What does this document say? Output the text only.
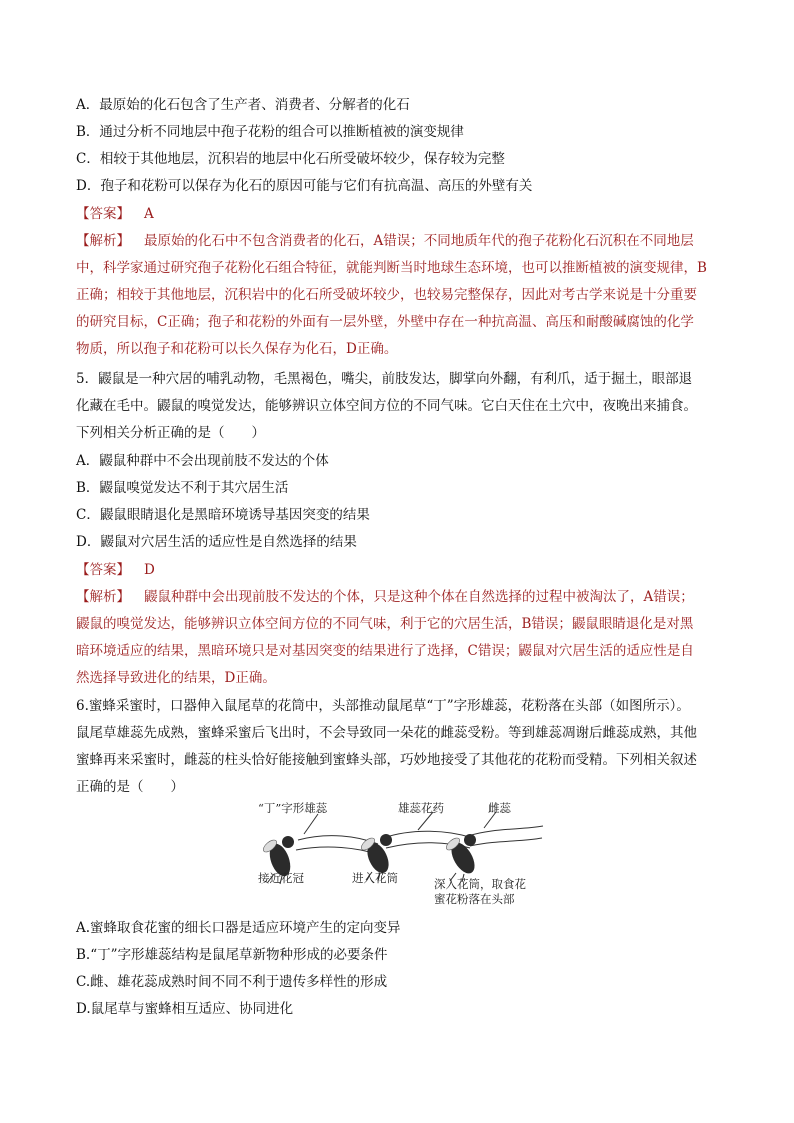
A．最原始的化石包含了生产者、消费者、分解者的化石
B．通过分析不同地层中孢子花粉的组合可以推断植被的演变规律
C．相较于其他地层，沉积岩的地层中化石所受破坏较少，保存较为完整
D．孢子和花粉可以保存为化石的原因可能与它们有抗高温、高压的外壁有关
【答案】 A
【解析】 最原始的化石中不包含消费者的化石，A错误；不同地质年代的孢子花粉化石沉积在不同地层
中，科学家通过研究孢子花粉化石组合特征，就能判断当时地球生态环境，也可以推断植被的演变规律，B
正确；相较于其他地层，沉积岩中的化石所受破坏较少，也较易完整保存，因此对考古学来说是十分重要
的研究目标，C正确；孢子和花粉的外面有一层外壁，外壁中存在一种抗高温、高压和耐酸碱腐蚀的化学
物质，所以孢子和花粉可以长久保存为化石，D正确。
5．鼹鼠是一种穴居的哺乳动物，毛黑褐色，嘴尖，前肢发达，脚掌向外翻，有利爪，适于掘土，眼部退
化藏在毛中。鼹鼠的嗅觉发达，能够辨识立体空间方位的不同气味。它白天住在土穴中，夜晚出来捕食。
下列相关分析正确的是（　　）
A．鼹鼠种群中不会出现前肢不发达的个体
B．鼹鼠嗅觉发达不利于其穴居生活
C．鼹鼠眼睛退化是黑暗环境诱导基因突变的结果
D．鼹鼠对穴居生活的适应性是自然选择的结果
【答案】 D
【解析】 鼹鼠种群中会出现前肢不发达的个体，只是这种个体在自然选择的过程中被淘汰了，A错误；
鼹鼠的嗅觉发达，能够辨识立体空间方位的不同气味，利于它的穴居生活，B错误；鼹鼠眼睛退化是对黑
暗环境适应的结果，黑暗环境只是对基因突变的结果进行了选择，C错误；鼹鼠对穴居生活的适应性是自
然选择导致进化的结果，D正确。
6.蜜蜂采蜜时，口器伸入鼠尾草的花筒中，头部推动鼠尾草“丁”字形雄蕊，花粉落在头部（如图所示）。
鼠尾草雄蕊先成熟，蜜蜂采蜜后飞出时，不会导致同一朵花的雌蕊受粉。等到雄蕊凋谢后雌蕊成熟，其他
蜜蜂再来采蜜时，雌蕊的柱头恰好能接触到蜜蜂头部，巧妙地接受了其他花的花粉而受精。下列相关叙述
正确的是（　　）
“丁”字形雄蕊	雄蕊花药	雌蕊
接近花冠	进入花筒	深入花筒，取食花
蜜花粉落在头部
A.蜜蜂取食花蜜的细长口器是适应环境产生的定向变异
B.“丁”字形雄蕊结构是鼠尾草新物种形成的必要条件
C.雌、雄花蕊成熟时间不同不利于遗传多样性的形成
D.鼠尾草与蜜蜂相互适应、协同进化
